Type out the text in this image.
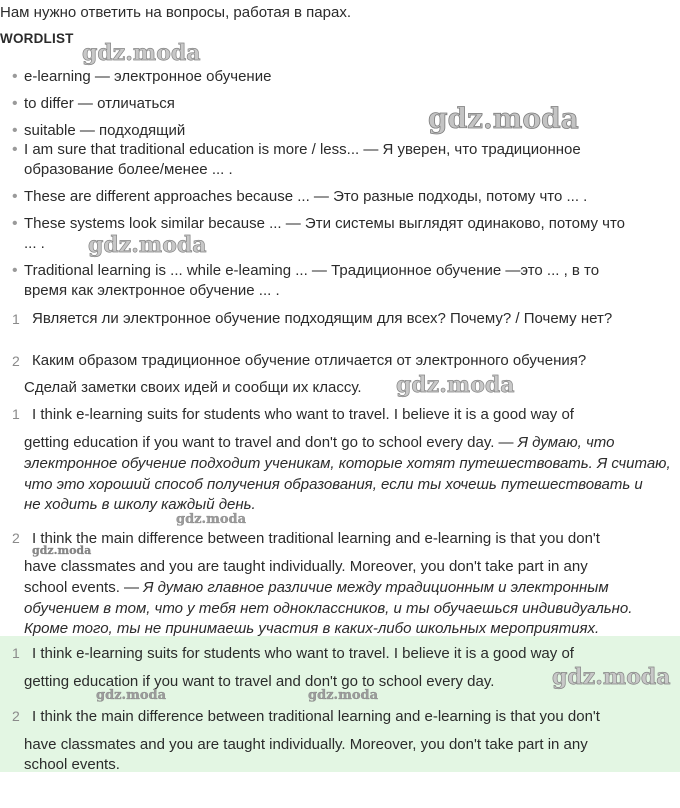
Нам нужно ответить на вопросы, работая в парах.
WORDLIST
• e-learning — электронное обучение
• to differ — отличаться
• suitable — подходящий
• I am sure that traditional education is more / less... — Я уверен, что традиционное
образование более/менее ... .
• These are different approaches because ... — Это разные подходы, потому что ... .
• These systems look similar because ... — Эти системы выглядят одинаково, потому что
... .
• Traditional learning is ... while e-leaming ... — Традиционное обучение —это ... , в то
время как электронное обучение ... .
1 Является ли электронное обучение подходящим для всех? Почему? / Почему нет?
2 Каким образом традиционное обучение отличается от электронного обучения?
Сделай заметки своих идей и сообщи их классу.
1 I think e-learning suits for students who want to travel. I believe it is a good way of
getting education if you want to travel and don't go to school every day. — Я думаю, что
электронное обучение подходит ученикам, которые хотят путешествовать. Я считаю,
что это хороший способ получения образования, если ты хочешь путешествовать и
не ходить в школу каждый день.
2 I think the main difference between traditional learning and e-learning is that you don't
have classmates and you are taught individually. Moreover, you don't take part in any
school events. — Я думаю главное различие между традиционным и электронным
обучением в том, что у тебя нет одноклассников, и ты обучаешься индивидуально.
Кроме того, ты не принимаешь участия в каких-либо школьных мероприятиях.
1 I think e-learning suits for students who want to travel. I believe it is a good way of
getting education if you want to travel and don't go to school every day.
2 I think the main difference between traditional learning and e-learning is that you don't
have classmates and you are taught individually. Moreover, you don't take part in any
school events.
gdz.moda
gdz.moda
gdz.moda
gdz.moda
gdz.moda
gdz.moda
gdz.moda
gdz.moda	gdz.moda
